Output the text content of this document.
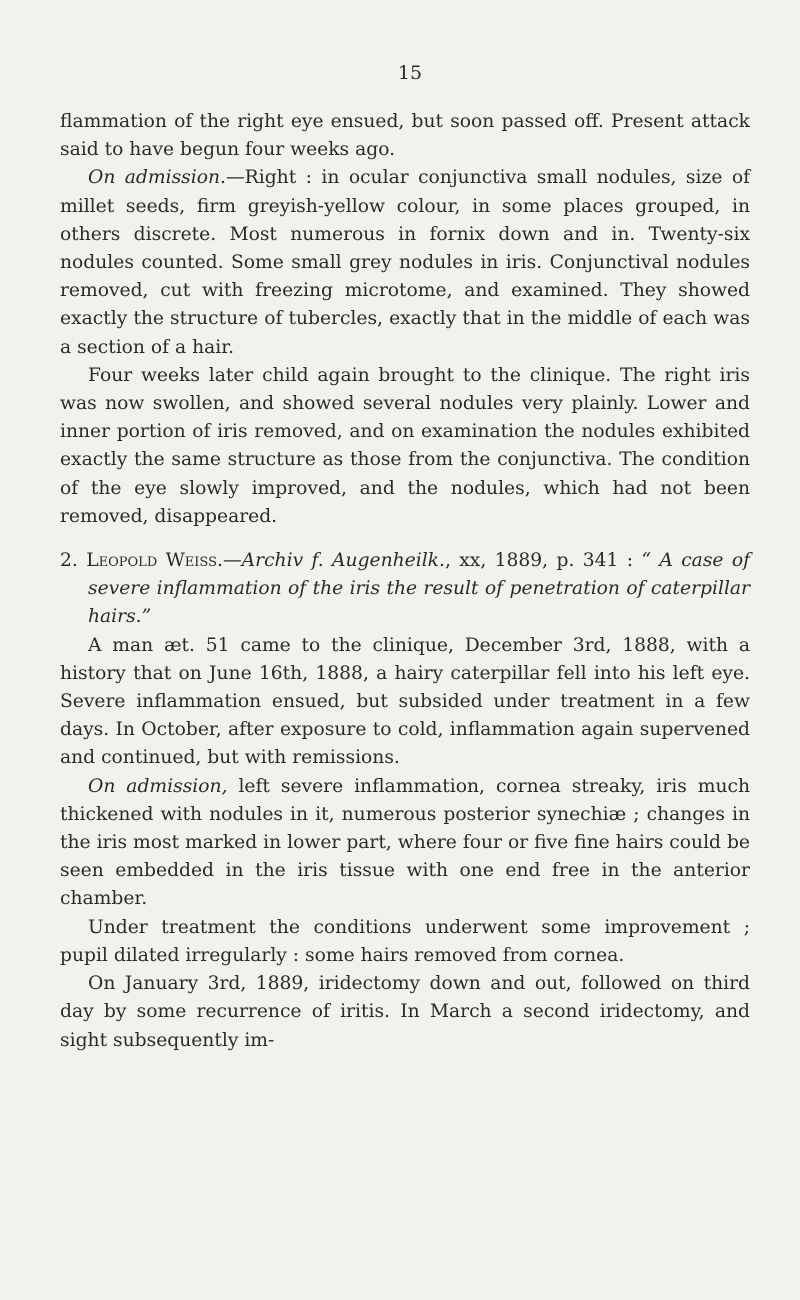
15

flammation of the right eye ensued, but soon passed off. Present attack said to have begun four weeks ago.

On admission.—Right : in ocular conjunctiva small nodules, size of millet seeds, firm greyish-yellow colour, in some places grouped, in others discrete. Most numerous in fornix down and in. Twenty-six nodules counted. Some small grey nodules in iris. Conjunctival nodules removed, cut with freezing microtome, and examined. They showed exactly the structure of tubercles, exactly that in the middle of each was a section of a hair.

Four weeks later child again brought to the clinique. The right iris was now swollen, and showed several nodules very plainly. Lower and inner portion of iris removed, and on examination the nodules exhibited exactly the same structure as those from the conjunctiva. The condition of the eye slowly improved, and the nodules, which had not been removed, disappeared.

2. Leopold Weiss.—Archiv f. Augenheilk., xx, 1889, p. 341 : “ A case of severe inflammation of the iris the result of penetration of caterpillar hairs.”

A man æt. 51 came to the clinique, December 3rd, 1888, with a history that on June 16th, 1888, a hairy caterpillar fell into his left eye. Severe inflammation ensued, but subsided under treatment in a few days. In October, after exposure to cold, inflammation again supervened and continued, but with remissions.

On admission, left severe inflammation, cornea streaky, iris much thickened with nodules in it, numerous posterior synechiæ ; changes in the iris most marked in lower part, where four or five fine hairs could be seen embedded in the iris tissue with one end free in the anterior chamber.

Under treatment the conditions underwent some improvement ; pupil dilated irregularly : some hairs removed from cornea.

On January 3rd, 1889, iridectomy down and out, followed on third day by some recurrence of iritis. In March a second iridectomy, and sight subsequently im-
